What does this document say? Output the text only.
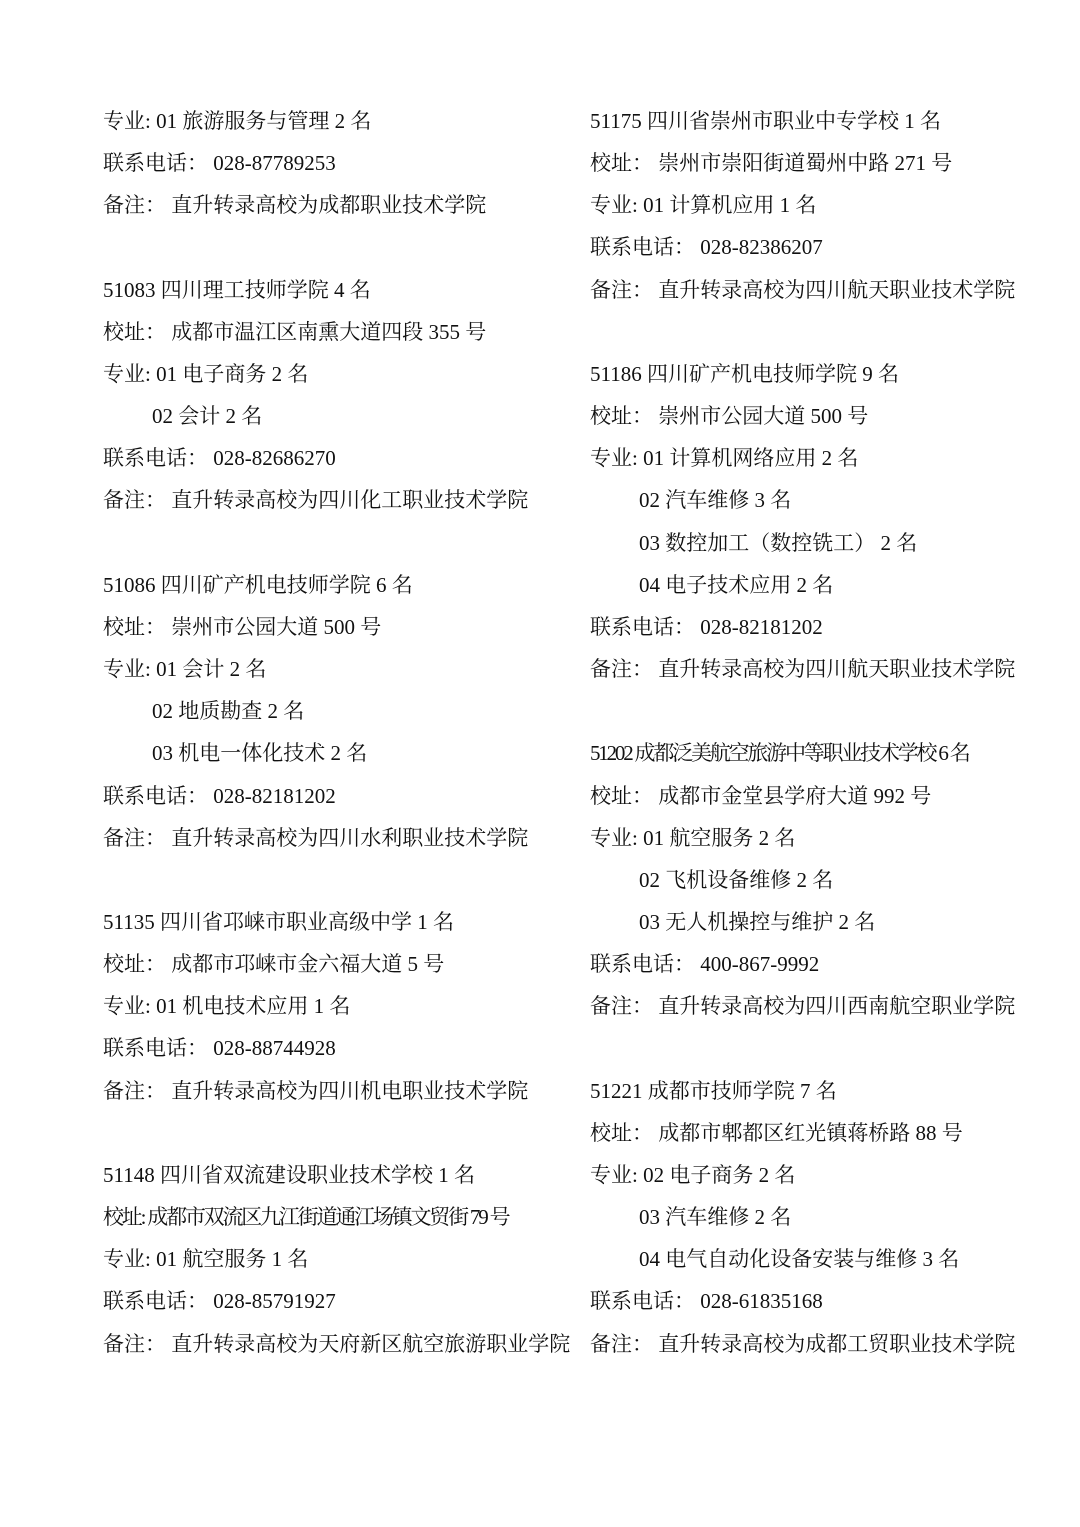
专业: 01 旅游服务与管理 2 名
联系电话： 028-87789253
备注： 直升转录高校为成都职业技术学院
51083 四川理工技师学院 4 名
校址： 成都市温江区南熏大道四段 355 号
专业: 01 电子商务 2 名
02 会计 2 名
联系电话： 028-82686270
备注： 直升转录高校为四川化工职业技术学院
51086 四川矿产机电技师学院 6 名
校址： 崇州市公园大道 500 号
专业: 01 会计 2 名
02 地质勘查 2 名
03 机电一体化技术 2 名
联系电话： 028-82181202
备注： 直升转录高校为四川水利职业技术学院
51135 四川省邛崃市职业高级中学 1 名
校址： 成都市邛崃市金六福大道 5 号
专业: 01 机电技术应用 1 名
联系电话： 028-88744928
备注： 直升转录高校为四川机电职业技术学院
51148 四川省双流建设职业技术学校 1 名
校址: 成都市双流区九江街道通江场镇文贸街 79 号
专业: 01 航空服务 1 名
联系电话： 028-85791927
备注： 直升转录高校为天府新区航空旅游职业学院
51175 四川省崇州市职业中专学校 1 名
校址： 崇州市崇阳街道蜀州中路 271 号
专业: 01 计算机应用 1 名
联系电话： 028-82386207
备注： 直升转录高校为四川航天职业技术学院
51186 四川矿产机电技师学院 9 名
校址： 崇州市公园大道 500 号
专业: 01 计算机网络应用 2 名
02 汽车维修 3 名
03 数控加工（数控铣工） 2 名
04 电子技术应用 2 名
联系电话： 028-82181202
备注： 直升转录高校为四川航天职业技术学院
51202 成都泛美航空旅游中等职业技术学校 6 名
校址： 成都市金堂县学府大道 992 号
专业: 01 航空服务 2 名
02 飞机设备维修 2 名
03 无人机操控与维护 2 名
联系电话： 400-867-9992
备注： 直升转录高校为四川西南航空职业学院
51221 成都市技师学院 7 名
校址： 成都市郫都区红光镇蒋桥路 88 号
专业: 02 电子商务 2 名
03 汽车维修 2 名
04 电气自动化设备安装与维修 3 名
联系电话： 028-61835168
备注： 直升转录高校为成都工贸职业技术学院
